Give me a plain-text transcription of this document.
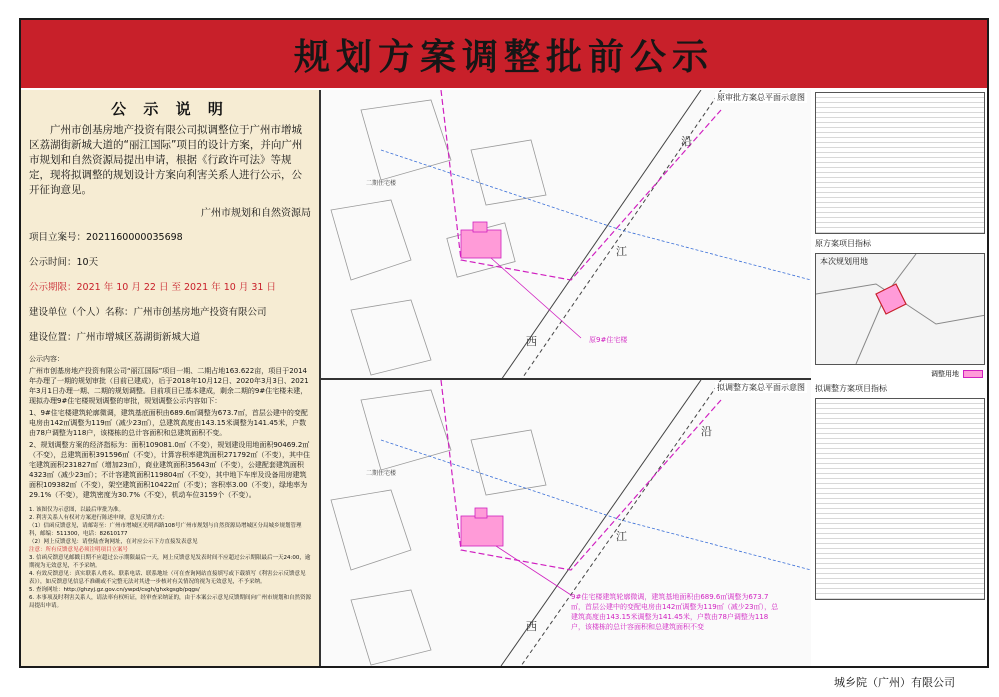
规划方案调整批前公示
公 示 说 明

广州市创基房地产投资有限公司拟调整位于广州市增城区荔湖街新城大道的“丽江国际”项目的设计方案，并向广州市规划和自然资源局提出申请，根据《行政许可法》等规定，现将拟调整的规划设计方案向利害关系人进行公示，公开征询意见。

广州市规划和自然资源局
项目立案号：2021160000035698
公示时间：10天
公示期限：2021 年 10 月 22 日 至 2021 年 10 月 31 日
建设单位（个人）名称：广州市创基房地产投资有限公司
建设位置：广州市增城区荔湖街新城大道

公示内容：

广州市创基房地产投资有限公司“丽江国际”项目一期、二期占地163.622亩，项目于2014年办理了一期的规划审批（目前已建成），后于2018年10月12日、2020年3月3日、2021年3月1日办理一期、二期的规划调整。目前项目已基本建成，剩余二期的9#住宅楼未建，现拟办理9#住宅楼规划调整的审批，规划调整公示内容如下：

1、9#住宅楼建筑轮廓微调，建筑基底面积由689.6㎡调整为673.7㎡，首层公建中的变配电房由142㎡调整为119㎡（减少23㎡），总建筑高度由143.15米调整为141.45米，户数由78户调整为118户，该楼栋的总计容面积和总建筑面积不变。

2、规划调整方案的经济指标为：面积109081.0㎡（不变），规划建设用地面积90469.2㎡（不变），总建筑面积391596㎡（不变），计算容积率建筑面积271792㎡（不变），其中住宅建筑面积231827㎡（增加23㎡），商业建筑面积35643㎡（不变），公建配套建筑面积4323㎡（减少23㎡）；不计容建筑面积119804㎡（不变），其中地下车库及设备用房建筑面积109382㎡（不变），架空建筑面积10422㎡（不变）；容积率3.00（不变），绿地率为29.1%（不变），建筑密度为30.7%（不变），机动车位3159个（不变）。

1. 该图仅为示意图，以最后审批为准。
2. 利害关系人有权对方案进行陈述申辩，意见反馈方式：
（1）信函反馈意见，请邮寄至：广州市增城区光明西路108号广州市规划与自然资源局增城区分局城乡规划管理科，邮编：511300，电话：82610177
（2）网上反馈意见：请登陆查询网址，在对应公示下方直接发表意见
注意：所有反馈意见必须注明项目立案号
3. 信函反馈意见邮戳日期不应超过公示期限最后一天，网上反馈意见发表时间不应超过公示期限最后一天24:00，逾期视为无效意见，不予采纳。
4. 有效反馈意见：真实联系人姓名、联系电话、联系地址（可在查询网站直接填写或下载填写《利害公示反馈意见表》），如反馈意见信息不准确或不完整无法对其进一步核对有关情况的视为无效意见，不予采纳。
5. 查询网址：http://ghzyj.gz.gov.cn/ywpd/csgh/ghxkgsgb/pqgs/
6. 本事项及时利害关系人，请法率有权听证，经审查采纳证的，由于本案公示意见反馈期间向广州市规划和自然资源局提出申请。
沿
江
西
二期住宅楼
原审批方案总平面示意图
原9#住宅楼
沿
江
西
二期住宅楼
拟调整方案总平面示意图
9#住宅楼建筑轮廓微调，建筑基地面积由689.6㎡调整为673.7㎡，首层公建中的变配电房由142㎡调整为119㎡（减少23㎡），总建筑高度由143.15米调整为141.45米，户数由78户调整为118户，该楼栋的总计容面积和总建筑面积不变
原方案项目指标
本次规划用地
调整用地
拟调整方案项目指标
城乡院（广州）有限公司
